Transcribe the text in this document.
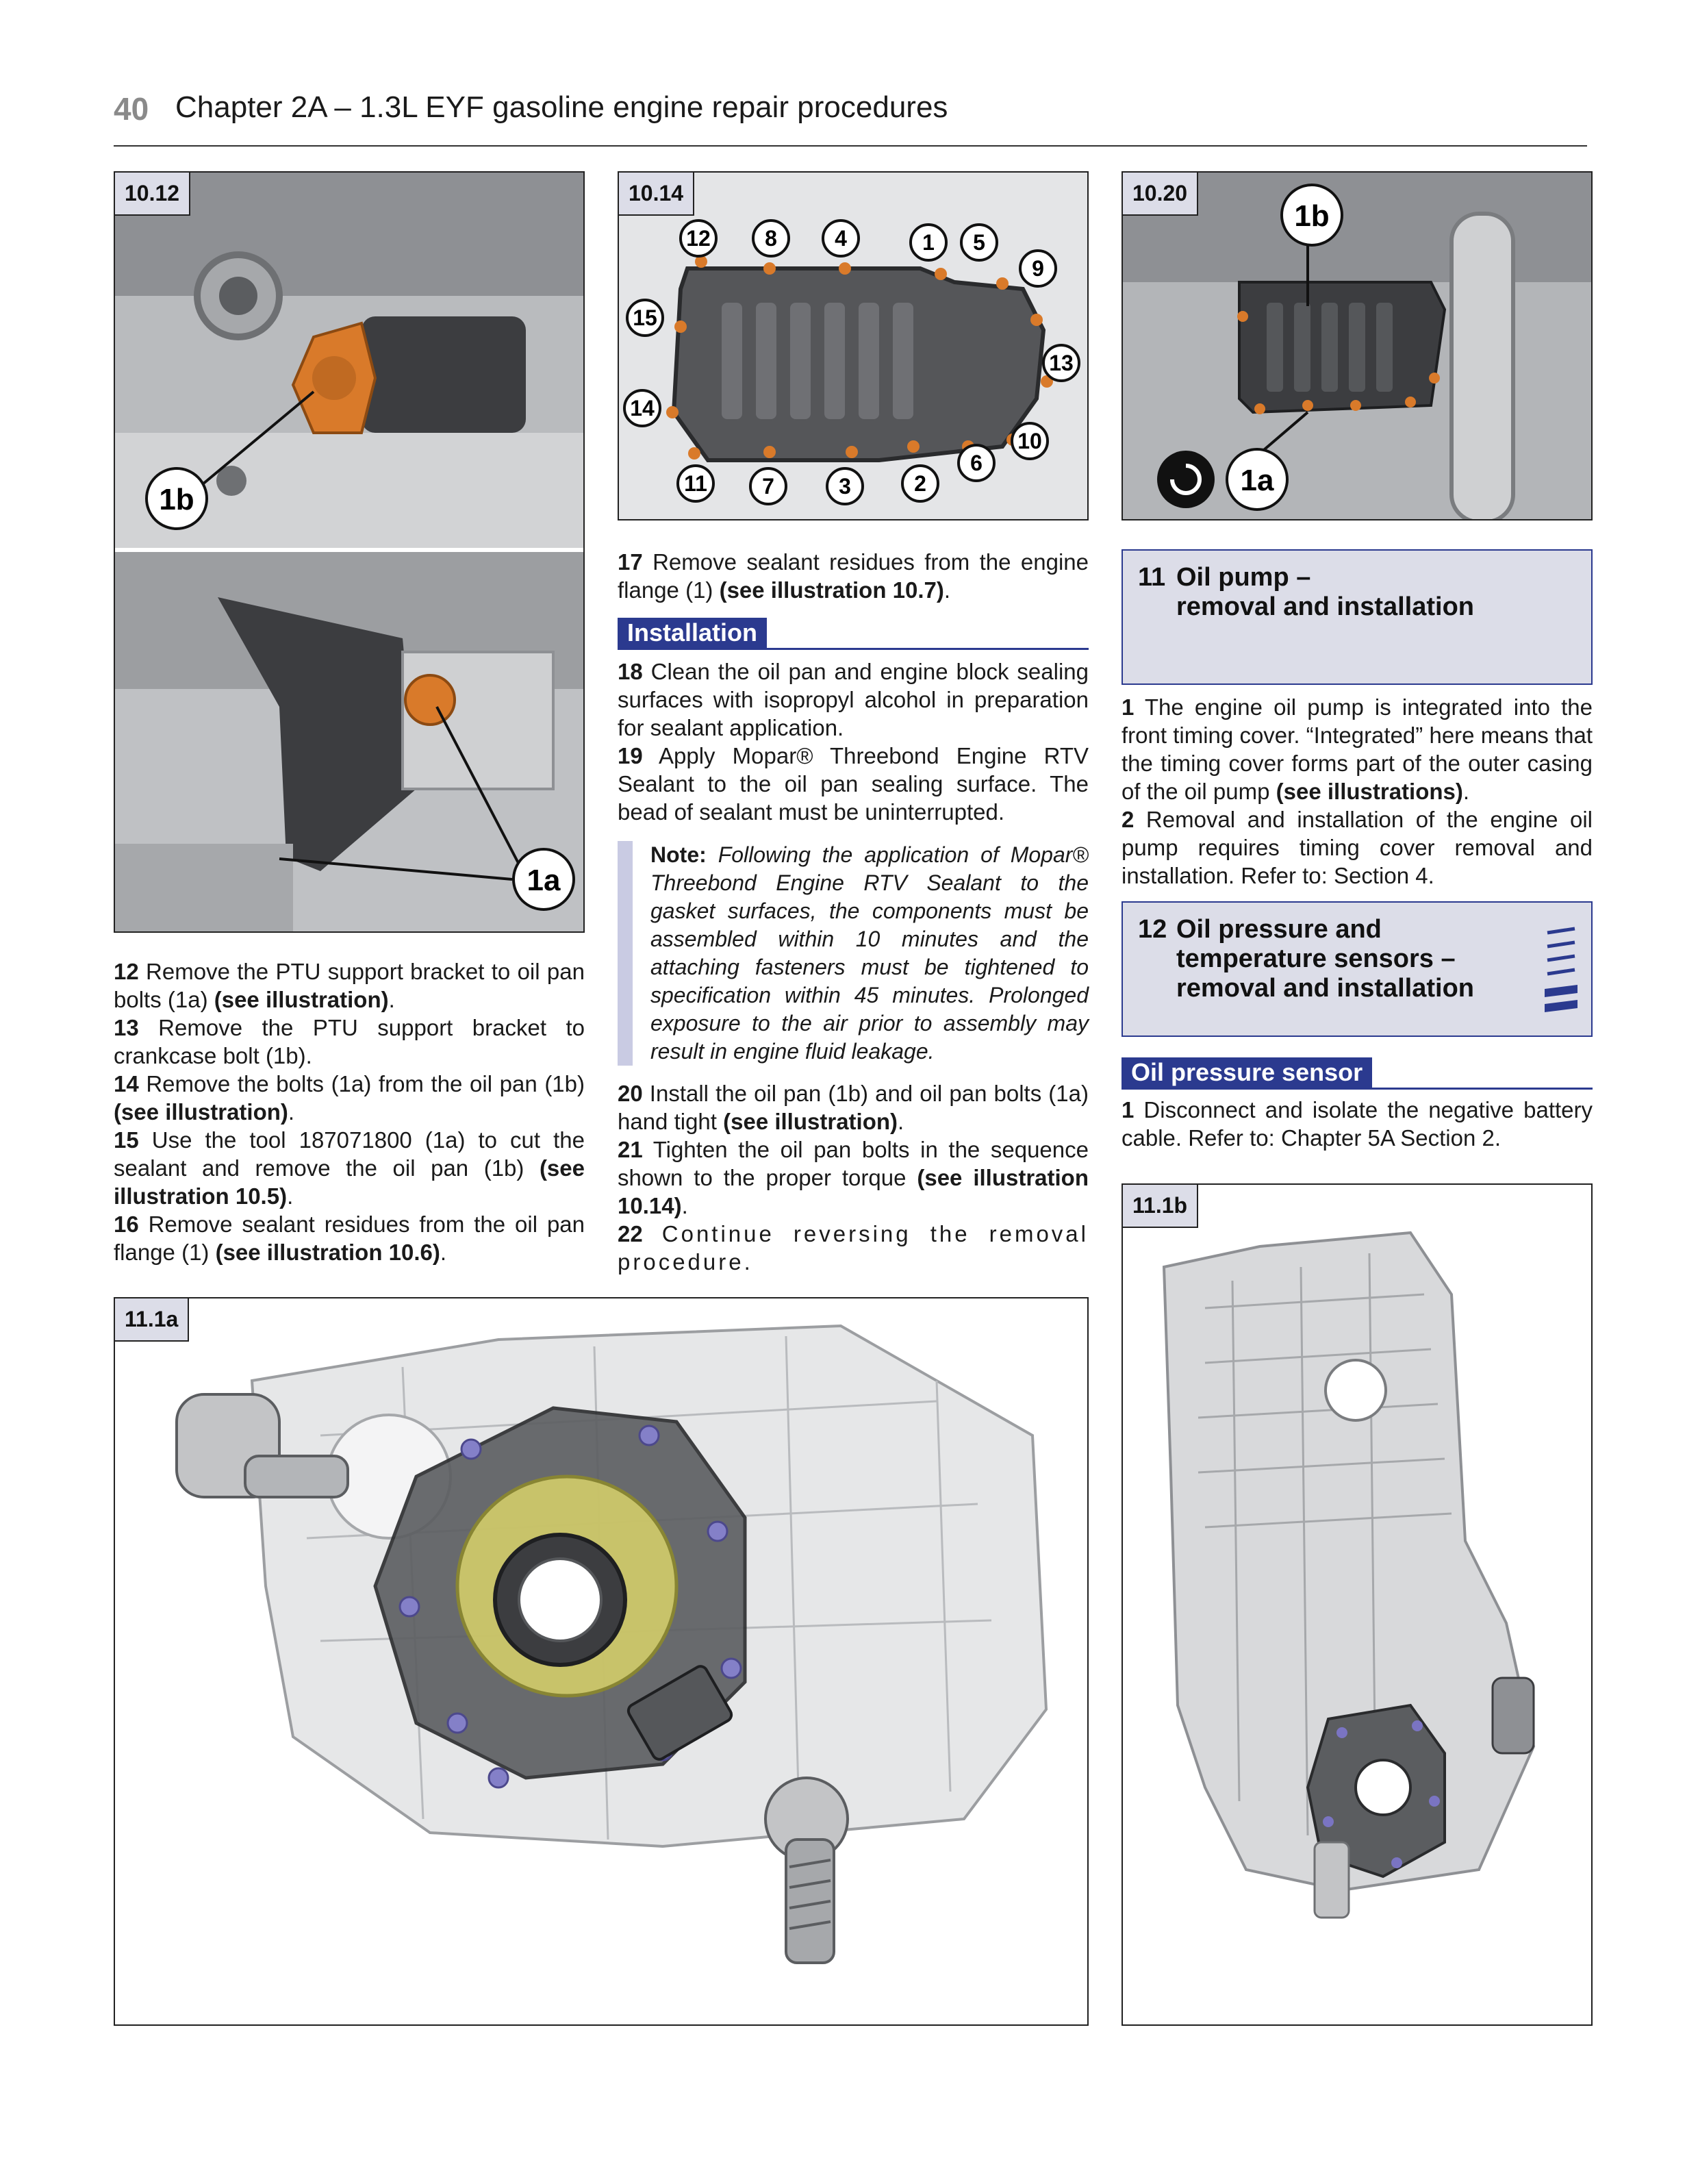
40 Chapter 2A – 1.3L EYF gasoline engine repair procedures
1b
1a
10.12

12 Remove the PTU support bracket to oil pan bolts (1a) (see illustration).

13 Remove the PTU support bracket to crankcase bolt (1b).

14 Remove the bolts (1a) from the oil pan (1b) (see illustration).

15 Use the tool 187071800 (1a) to cut the sealant and remove the oil pan (1b) (see illustration 10.5).

16 Remove sealant residues from the oil pan flange (1) (see illustration 10.6).

12 8	4	1 5
9
15
13
14
10
6
11	7	3	2
10.14

17 Remove sealant residues from the engine flange (1) (see illustration 10.7).

Installation

18 Clean the oil pan and engine block sealing surfaces with isopropyl alcohol in preparation for sealant application.

19 Apply Mopar® Threebond Engine RTV Sealant to the oil pan sealing surface. The bead of sealant must be uninterrupted.

Note: Following the application of Mopar® Threebond Engine RTV Sealant to the gasket surfaces, the components must be assembled within 10 minutes and the attaching fasteners must be tightened to specification within 45 minutes. Prolonged exposure to the air prior to assembly may result in engine fluid leakage.

20 Install the oil pan (1b) and oil pan bolts (1a) hand tight (see illustration).

21 Tighten the oil pan bolts in the sequence shown to the proper torque (see illustration 10.14).

22 Continue reversing the removal procedure.

1b
1a
10.20
11 Oil pump –
removal and installation

1 The engine oil pump is integrated into the front timing cover. “Integrated” here means that the timing cover forms part of the outer casing of the oil pump (see illustrations).

2 Removal and installation of the engine oil pump requires timing cover removal and installation. Refer to: Section 4.

12 Oil pressure and
temperature sensors –
removal and installation
Oil pressure sensor

1 Disconnect and isolate the negative battery cable. Refer to: Chapter 5A Section 2.

11.1b
11.1a
